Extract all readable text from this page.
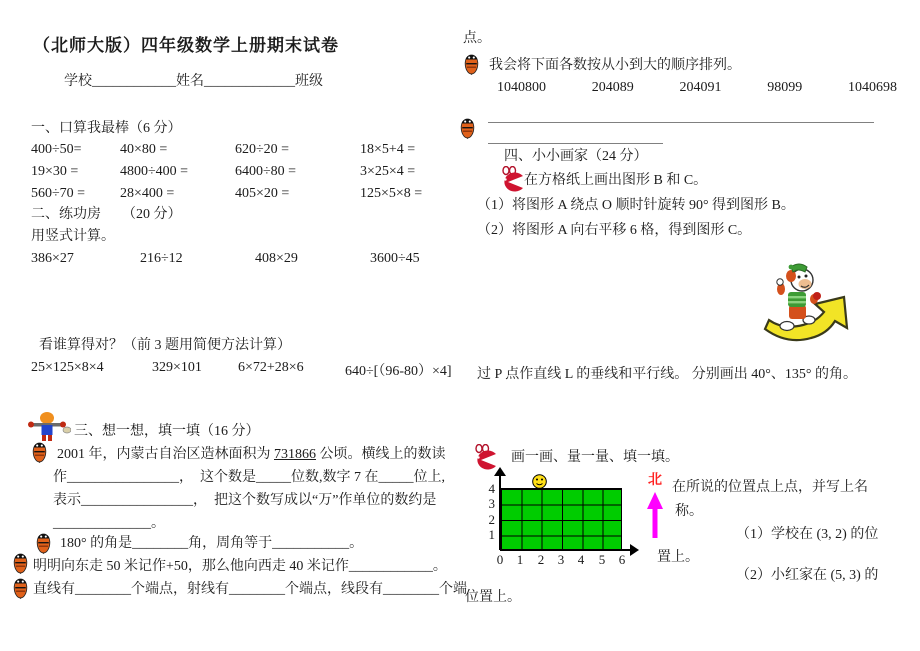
（北师大版）四年级数学上册期末试卷
学校____________姓名_____________班级
一、口算我最棒（6 分）
400÷50=	40×80 =	620÷20 =	18×5+4 =
19×30 =	4800÷400 =	6400÷80 =	3×25×4 =
560÷70 =	28×400 =	405×20 =	125×5×8 =
二、练功房      （20 分）
用竖式计算。
386×27	216÷12	408×29	3600÷45
看谁算得对？（前 3 题用简便方法计算）
25×125×8×4	329×101	6×72+28×6	640÷[（96-80）×4]
三、想一想，填一填（16 分）
2001 年，内蒙古自治区造林面积为 731866 公顷。横线上的数读
作________________，  这个数是_____位数,数字 7 在_____位上,
表示________________，  把这个数写成以“万”作单位的数约是
______________。
180° 的角是________角，周角等于___________。
明明向东走 50 米记作+50，那么他向西走 40 米记作____________。
直线有________个端点，射线有________个端点，线段有________个端
点。
我会将下面各数按从小到大的顺序排列。
1040800	204089	204091	98099	1040698
四、小小画家（24 分）
在方格纸上画出图形 B 和 C。
（1）将图形 A 绕点 O 顺时针旋转 90° 得到图形 B。
（2）将图形 A 向右平移 6 格，得到图形 C。
过 P 点作直线 L 的垂线和平行线。 分别画出 40°、135° 的角。
画一画、量一量、填一填。
4
3
2
1
0 1 2 3 4 5 6
北 在所说的位置点上点，并写上名
称。
（1）学校在 (3, 2) 的位
置上。
（2）小红家在 (5, 3) 的
位置上。
